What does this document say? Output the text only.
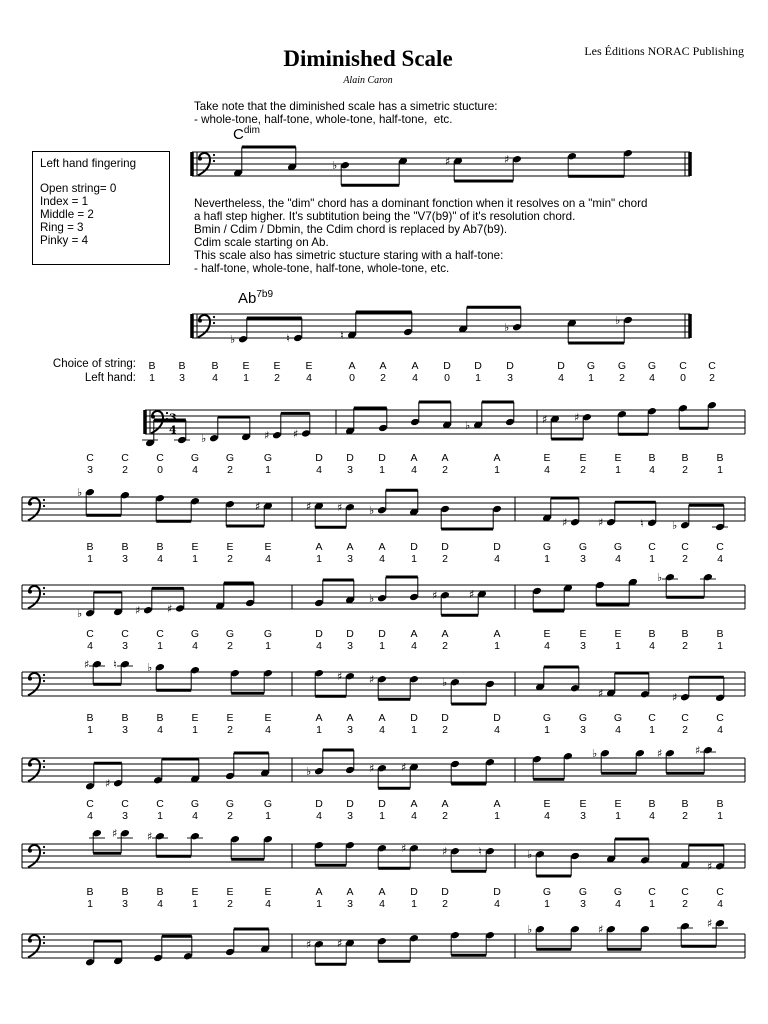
Diminished Scale
Alain Caron
Les Éditions NORAC Publishing
Take note that the diminished scale has a simetric stucture:
- whole-tone, half-tone, whole-tone, half-tone,  etc.
$C^{dim}$
Left hand fingering
Open string= 0
Index = 1
Middle = 2
Ring = 3
Pinky = 4
Nevertheless, the "dim" chord has a dominant fonction when it resolves on a "min" chord
a hafl step higher. It's subtitution being the "V7(b9)" of it's resolution chord.
Bmin / Cdim / Dbmin, the Cdim chord is replaced by Ab7(b9).
Cdim scale starting on Ab.
This scale also has simetric stucture staring with a half-tone:
- half-tone, whole-tone, half-tone, whole-tone, etc.
$Ab^{7b9}$
Choice of string:
Left hand:
B B B E E E	A A A D D D	D G G G C C
1 3	4 1 2 4	0 2 4 0 1 3	4 1 2 4 0 2
C	C	C	G	G	G	D D D A A	A	E	E	E	B B	B
3	2	0	4	2	1	4 3 1 4 2	1	4	2	1	4	2	1
B	B	B	E	E	E	A A A D D	D	G	G	G C C	C
1	3	4	1	2	4	1 3 4 1 2	4	1	3	4	1	2	4
C	C	C	G	G	G	D D D A A	A	E	E	E	B B	B
4	3	1	4	2	1	4 3 1 4 2	1	4	3	1	4	2	1
B	B	B	E	E	E	A A A D D	D	G	G	G C C	C
1	3	4	1	2	4	1 3 4 1 2	4	1	3	4	1	2	4
C	C	C	G	G	G	D D D A A	A	E	E	E	B B	B
4	3	1	4	2	1	4 3 1 4 2	1	4	3	1	4	2	1
B	B	B	E	E	E	A A A D D	D	G	G	G C C	C
1	3	4	1	2	4	1 3 4 1 2	4	1	3	4	1	2	4
♭	♯	♯
♭	♮	♮
♭
♭
3
4
♭	♯ ♯
♭	♯ ♯
♭
♯	♯ ♯ ♭
♯	♯	♮	♭
♭	♯ ♯
♭	♯	♯
♭
♯ ♮	♭
♯ ♯	♭
♯	♯
♯
♭	♯ ♯
♭	♯	♯
♯	♯
♯	♯	♮	♭
♯
♯ ♯
♭	♯	♯
